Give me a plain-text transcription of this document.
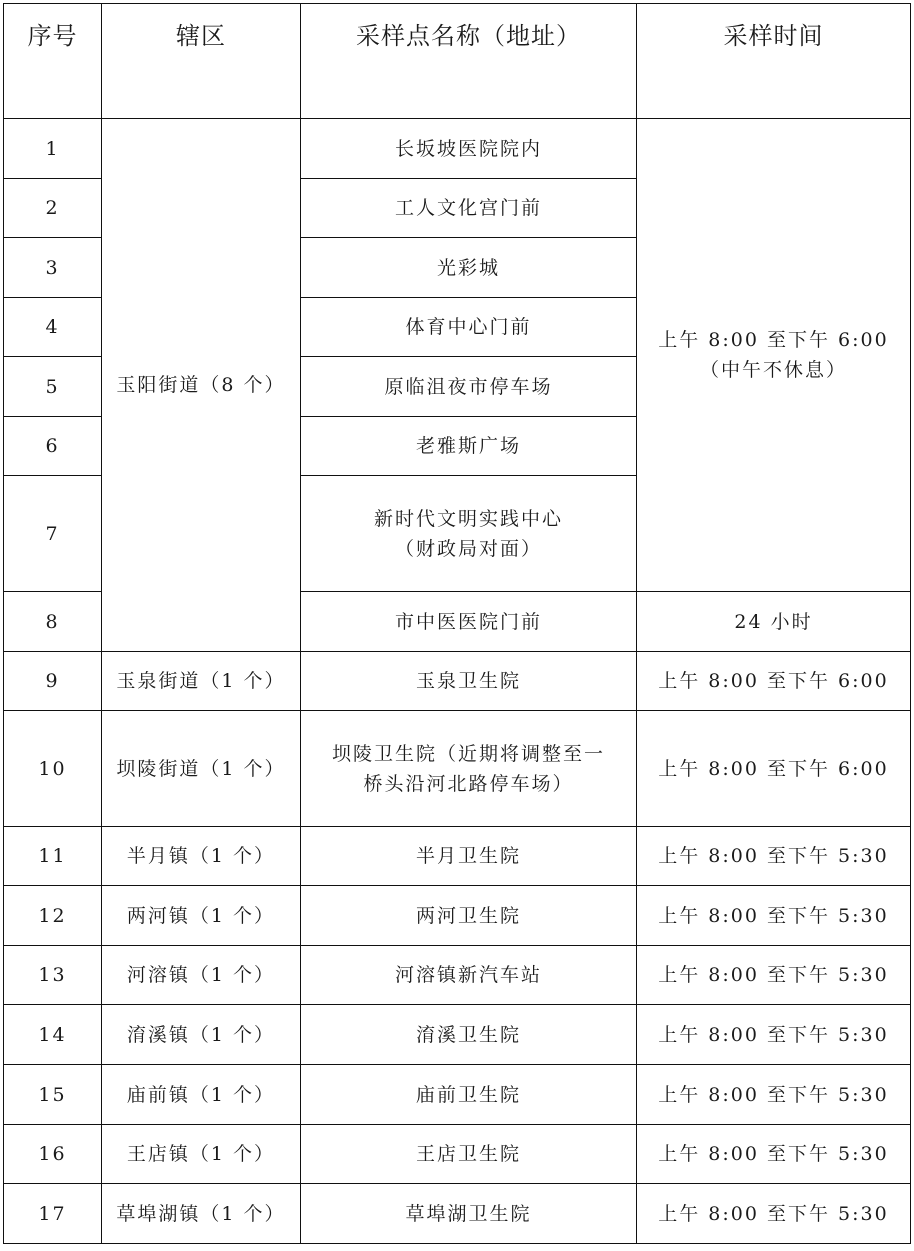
序号	辖区	采样点名称（地址）	采样时间
1	玉阳街道（8 个）	长坂坡医院院内	上午 8:00 至下午 6:00
（中午不休息）

2		工人文化宫门前	
3		光彩城	
4		体育中心门前	
5		原临沮夜市停车场	
6		老雅斯广场	
7		新时代文明实践中心
（财政局对面）	

8		市中医医院门前	24 小时
9	玉泉街道（1 个）	玉泉卫生院	上午 8:00 至下午 6:00
10	坝陵街道（1 个）	坝陵卫生院（近期将调整至一
桥头沿河北路停车场）	上午 8:00 至下午 6:00
11	半月镇（1 个）	半月卫生院	上午 8:00 至下午 5:30
12	两河镇（1 个）	两河卫生院	上午 8:00 至下午 5:30
13	河溶镇（1 个）	河溶镇新汽车站	上午 8:00 至下午 5:30
14	淯溪镇（1 个）	淯溪卫生院	上午 8:00 至下午 5:30
15	庙前镇（1 个）	庙前卫生院	上午 8:00 至下午 5:30
16	王店镇（1 个）	王店卫生院	上午 8:00 至下午 5:30
17	草埠湖镇（1 个）	草埠湖卫生院	上午 8:00 至下午 5:30
